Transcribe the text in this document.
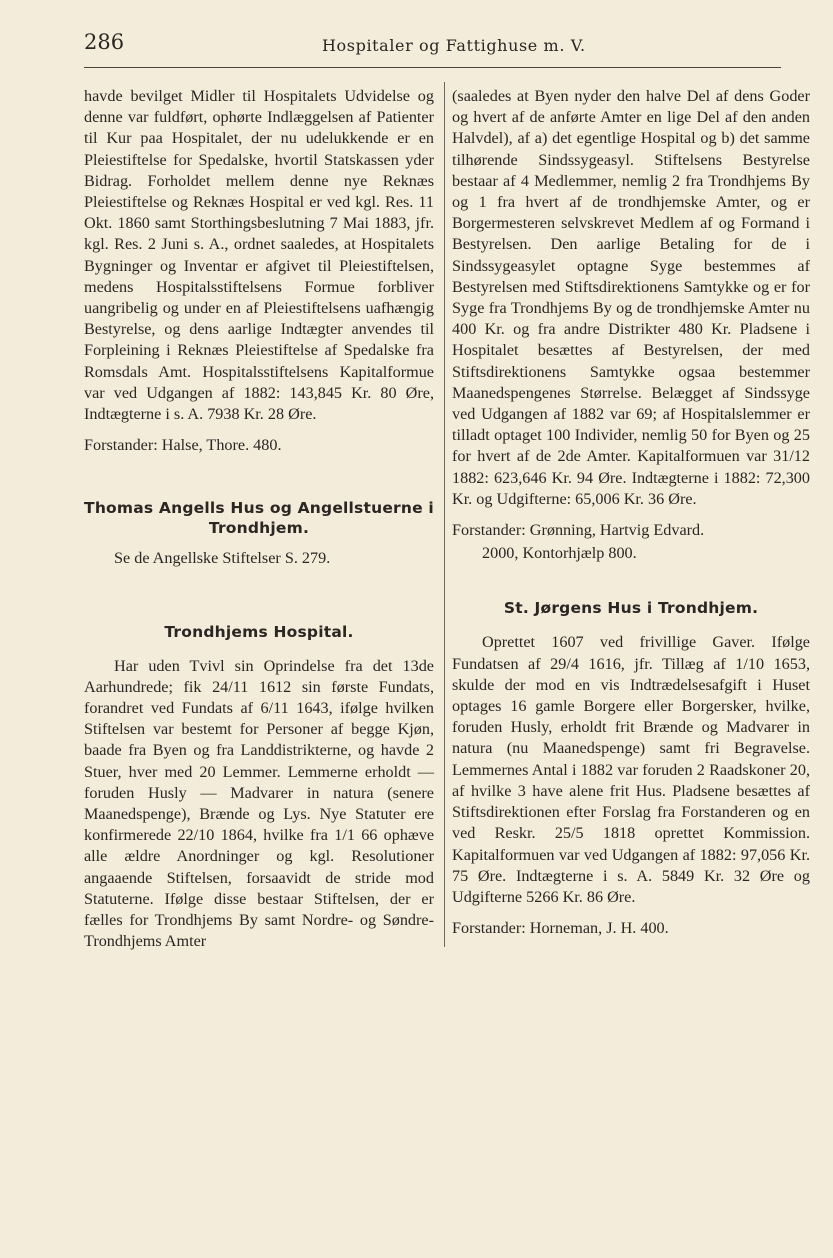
286	Hospitaler og Fattighuse m. V.

havde bevilget Midler til Hospitalets Udvidelse og denne var fuldført, ophørte Indlæggelsen af Patienter til Kur paa Hospitalet, der nu udelukkende er en Pleiestiftelse for Spedalske, hvortil Statskassen yder Bidrag. Forholdet mellem denne nye Reknæs Pleiestiftelse og Reknæs Hospital er ved kgl. Res. 11 Okt. 1860 samt Storthingsbeslutning 7 Mai 1883, jfr. kgl. Res. 2 Juni s. A., ordnet saaledes, at Hospitalets Bygninger og Inventar er afgivet til Pleiestiftelsen, medens Hospitalsstiftelsens Formue forbliver uangribelig og under en af Pleiestiftelsens uafhængig Bestyrelse, og dens aarlige Indtægter anvendes til Forpleining i Reknæs Pleiestiftelse af Spedalske fra Romsdals Amt. Hospitalsstiftelsens Kapitalformue var ved Udgangen af 1882: 143,845 Kr. 80 Øre, Indtægterne i s. A. 7938 Kr. 28 Øre.

Forstander: Halse, Thore. 480.

Thomas Angells Hus og Angellstuerne i
Trondhjem.

Se de Angellske Stiftelser S. 279.

Trondhjems Hospital.

Har uden Tvivl sin Oprindelse fra det 13de Aarhundrede; fik 24/11 1612 sin første Fundats, forandret ved Fundats af 6/11 1643, ifølge hvilken Stiftelsen var bestemt for Personer af begge Kjøn, baade fra Byen og fra Landdistrikterne, og havde 2 Stuer, hver med 20 Lemmer. Lemmerne erholdt — foruden Husly — Madvarer in natura (senere Maanedspenge), Brænde og Lys. Nye Statuter ere konfirmerede 22/10 1864, hvilke fra 1/1 66 ophæve alle ældre Anordninger og kgl. Resolutioner angaaende Stiftelsen, forsaavidt de stride mod Statuterne. Ifølge disse bestaar Stiftelsen, der er fælles for Trondhjems By samt Nordre- og Søndre-Trondhjems Amter

(saaledes at Byen nyder den halve Del af dens Goder og hvert af de anførte Amter en lige Del af den anden Halvdel), af a) det egentlige Hospital og b) det samme tilhørende Sindssygeasyl. Stiftelsens Bestyrelse bestaar af 4 Medlemmer, nemlig 2 fra Trondhjems By og 1 fra hvert af de trondhjemske Amter, og er Borgermesteren selvskrevet Medlem af og Formand i Bestyrelsen. Den aarlige Betaling for de i Sindssygeasylet optagne Syge bestemmes af Bestyrelsen med Stiftsdirektionens Samtykke og er for Syge fra Trondhjems By og de trondhjemske Amter nu 400 Kr. og fra andre Distrikter 480 Kr. Pladsene i Hospitalet besættes af Bestyrelsen, der med Stiftsdirektionens Samtykke ogsaa bestemmer Maanedspengenes Størrelse. Belægget af Sindssyge ved Udgangen af 1882 var 69; af Hospitalslemmer er tilladt optaget 100 Individer, nemlig 50 for Byen og 25 for hvert af de 2de Amter. Kapitalformuen var 31/12 1882: 623,646 Kr. 94 Øre. Indtægterne i 1882: 72,300 Kr. og Udgifterne: 65,006 Kr. 36 Øre.

Forstander: Grønning, Hartvig Edvard.

2000, Kontorhjælp 800.

St. Jørgens Hus i Trondhjem.

Oprettet 1607 ved frivillige Gaver. Ifølge Fundatsen af 29/4 1616, jfr. Tillæg af 1/10 1653, skulde der mod en vis Indtrædelsesafgift i Huset optages 16 gamle Borgere eller Borgersker, hvilke, foruden Husly, erholdt frit Brænde og Madvarer in natura (nu Maanedspenge) samt fri Begravelse. Lemmernes Antal i 1882 var foruden 2 Raadskoner 20, af hvilke 3 have alene frit Hus. Pladsene besættes af Stiftsdirektionen efter Forslag fra Forstanderen og en ved Reskr. 25/5 1818 oprettet Kommission. Kapitalformuen var ved Udgangen af 1882: 97,056 Kr. 75 Øre. Indtægterne i s. A. 5849 Kr. 32 Øre og Udgifterne 5266 Kr. 86 Øre.

Forstander: Horneman, J. H. 400.
